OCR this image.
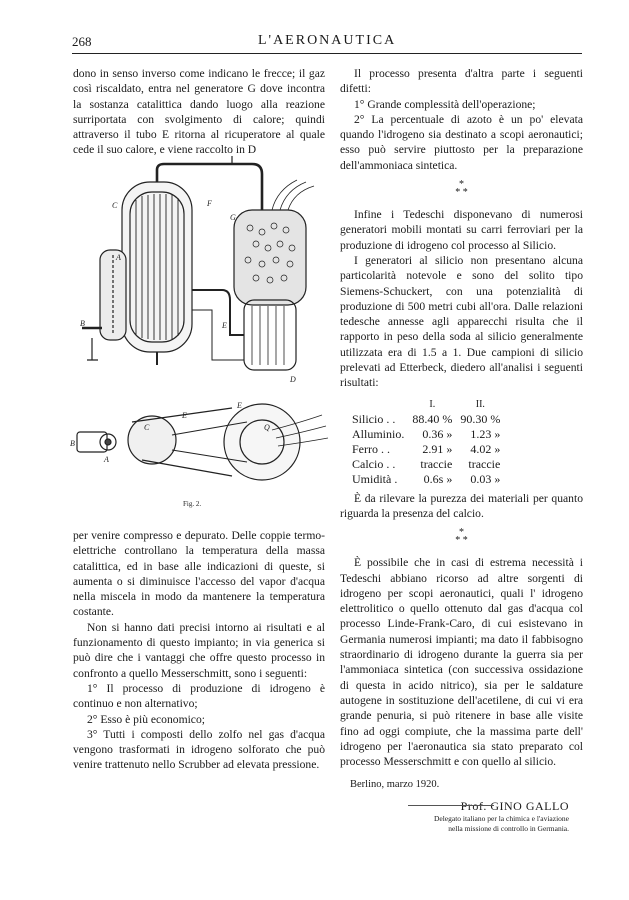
268	L'AERONAUTICA

dono in senso inverso come indicano le frecce; il gaz così riscaldato, entra nel generatore G dove incontra la sostanza catalittica dando luogo alla reazione surriportata con svolgimento di calore; quindi attraverso il tubo E ritorna al ricuperatore al quale cede il suo calore, e viene raccolto in D

C	F
G
A
B
D
E
Q
C
B
E
E
A
Fig. 2.

per venire compresso e depurato. Delle coppie termo-elettriche controllano la temperatura della massa catalittica, ed in base alle indicazioni di queste, si aumenta o si diminuisce l'accesso del vapor d'acqua nella miscela in modo da mantenere la temperatura costante.

Non si hanno dati precisi intorno ai risultati e al funzionamento di questo impianto; in via generica si può dire che i vantaggi che offre questo processo in confronto a quello Messerschmitt, sono i seguenti:

1° Il processo di produzione di idrogeno è continuo e non alternativo;

2° Esso è più economico;

3° Tutti i composti dello zolfo nel gas d'acqua vengono trasformati in idrogeno solforato che può venire trattenuto nello Scrubber ad elevata pressione.

Il processo presenta d'altra parte i seguenti difetti:

1° Grande complessità dell'operazione;

2° La percentuale di azoto è un po' elevata quando l'idrogeno sia destinato a scopi aeronautici; esso può servire piuttosto per la preparazione dell'ammoniaca sintetica.

*
* *

Infine i Tedeschi disponevano di numerosi generatori mobili montati su carri ferroviari per la produzione di idrogeno col processo al Silicio.

I generatori al silicio non presentano alcuna particolarità notevole e sono del solito tipo Siemens-Schuckert, con una potenzialità di produzione di 500 metri cubi all'ora. Dalle relazioni tedesche annesse agli apparecchi risulta che il rapporto in peso della soda al silicio generalmente utilizzata era di 1.5 a 1. Due campioni di silicio prelevati ad Etterbeck, diedero all'analisi i seguenti risultati:

	I.	II.
Silicio . .	88.40 %	90.30 %
Alluminio.	0.36 »	1.23 »
Ferro . .	2.91 »	4.02 »
Calcio . .	traccie	traccie
Umidità .	0.6s »	0.03 »

È da rilevare la purezza dei materiali per quanto riguarda la presenza del calcio.

*
* *

È possibile che in casi di estrema necessità i Tedeschi abbiano ricorso ad altre sorgenti di idrogeno per scopi aeronautici, quali l' idrogeno elettrolitico o quello ottenuto dal gas d'acqua col processo Linde-Frank-Caro, di cui esistevano in Germania numerosi impianti; ma dato il fabbisogno straordinario di idrogeno durante la guerra sia per l'ammoniaca sintetica (con successiva ossidazione di questa in acido nitrico), sia per le saldature autogene in sostituzione dell'acetilene, di cui vi era grande penuria, si può ritenere in base alle visite fino ad oggi compiute, che la massima parte dell' idrogeno per l'aeronautica sia stato preparato col processo Messerschmitt e con quello al silicio.

Berlino, marzo 1920.
Prof. GINO GALLO
Delegato italiano per la chimica e l'aviazione
nella missione di controllo in Germania.
